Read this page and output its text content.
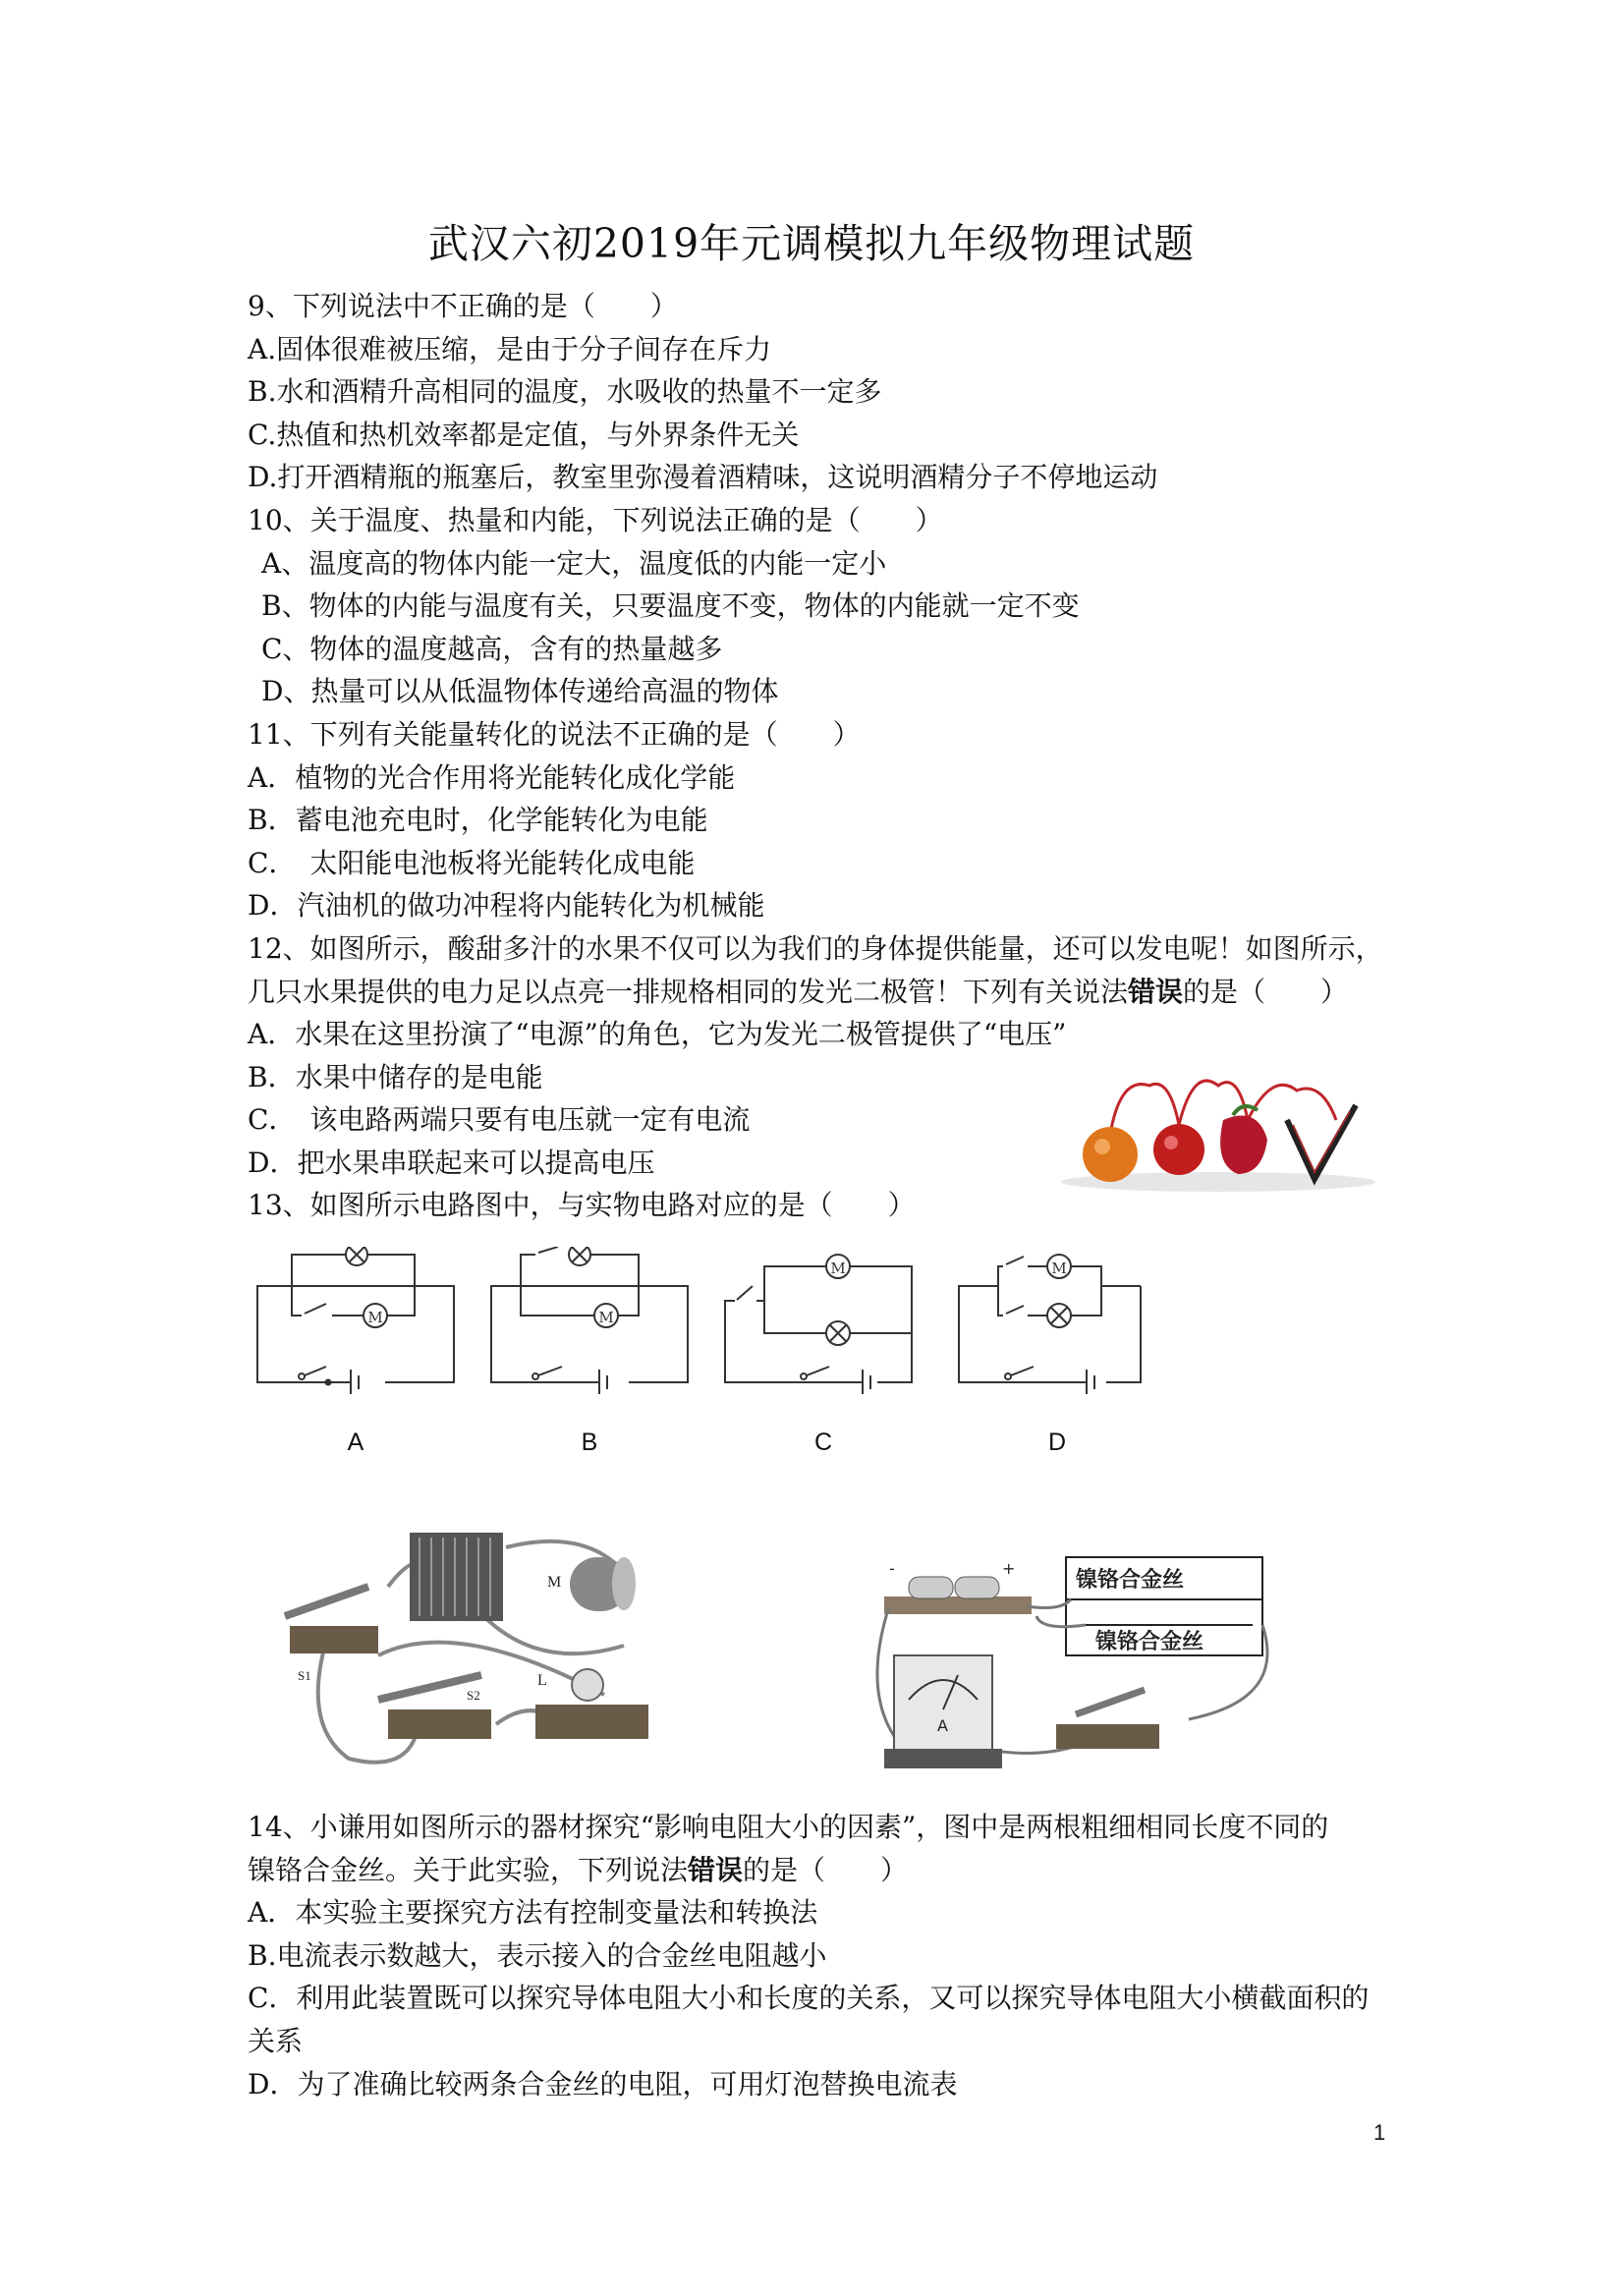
武汉六初2019年元调模拟九年级物理试题
9、下列说法中不正确的是（　　）
A.固体很难被压缩，是由于分子间存在斥力
B.水和酒精升高相同的温度，水吸收的热量不一定多
C.热值和热机效率都是定值，与外界条件无关
D.打开酒精瓶的瓶塞后，教室里弥漫着酒精味，这说明酒精分子不停地运动
10、关于温度、热量和内能，下列说法正确的是（　　）
A、温度高的物体内能一定大，温度低的内能一定小
B、物体的内能与温度有关，只要温度不变，物体的内能就一定不变
C、物体的温度越高，含有的热量越多
D、热量可以从低温物体传递给高温的物体
11、下列有关能量转化的说法不正确的是（　　）
A．植物的光合作用将光能转化成化学能
B．蓄电池充电时，化学能转化为电能
C．　太阳能电池板将光能转化成电能
D．汽油机的做功冲程将内能转化为机械能
12、如图所示，酸甜多汁的水果不仅可以为我们的身体提供能量，还可以发电呢！如图所示，
几只水果提供的电力足以点亮一排规格相同的发光二极管！下列有关说法错误的是（　　）
A．水果在这里扮演了“电源”的角色，它为发光二极管提供了“电压”
B．水果中储存的是电能
C．　该电路两端只要有电压就一定有电流
D．把水果串联起来可以提高电压
13、如图所示电路图中，与实物电路对应的是（　　）
M
A
M
B
M
C
M
D
M
S1
S2
L
-	+	镍铬合金丝
镍铬合金丝
A
14、小谦用如图所示的器材探究“影响电阻大小的因素”，图中是两根粗细相同长度不同的
镍铬合金丝。关于此实验，下列说法错误的是（　　）
A．本实验主要探究方法有控制变量法和转换法
B.电流表示数越大，表示接入的合金丝电阻越小
C．利用此装置既可以探究导体电阻大小和长度的关系，又可以探究导体电阻大小横截面积的关系
D．为了准确比较两条合金丝的电阻，可用灯泡替换电流表
1
